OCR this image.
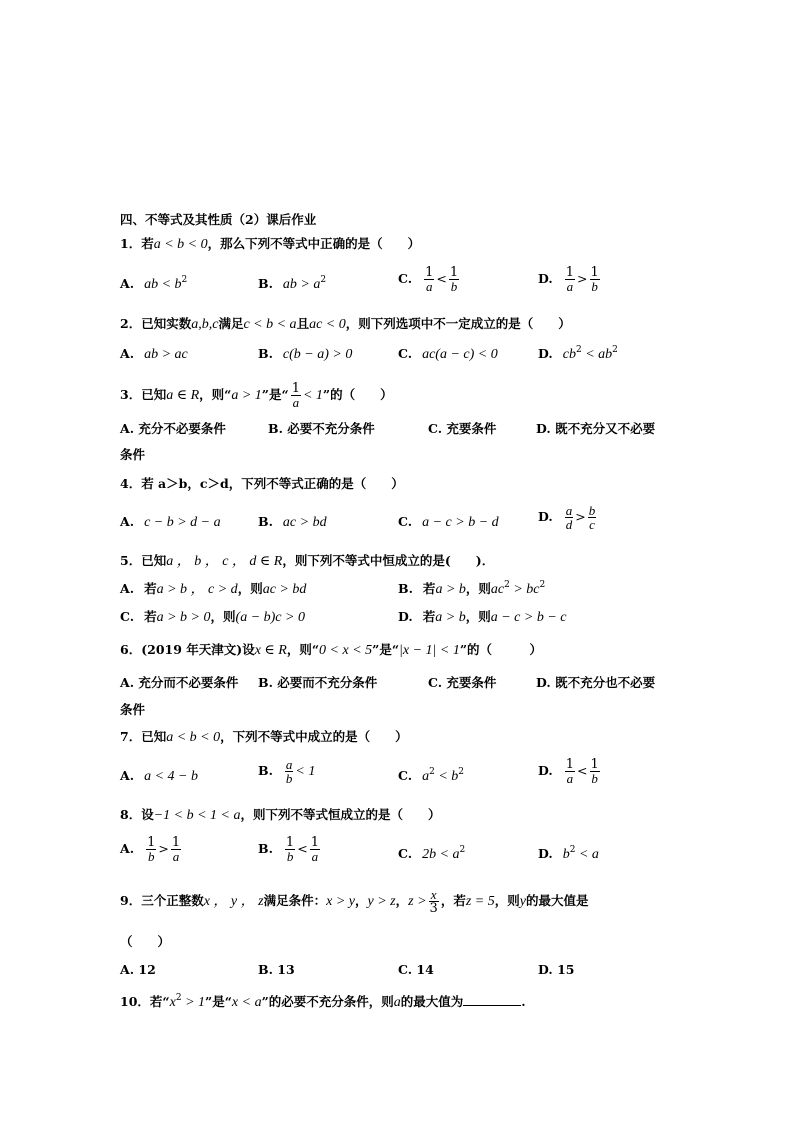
四、不等式及其性质（2）课后作业
1．若a < b < 0，那么下列不等式中正确的是（　　）
A. ab < $b^2$	B. ab > $a^2$	C. $\frac{1}{a} < \frac{1}{b}$	D. $\frac{1}{a} > \frac{1}{b}$
2．已知实数a,b,c满足c < b < a且ac < 0，则下列选项中不一定成立的是（　　）
A. ab > ac	B. c(b − a) > 0	C. ac(a − c) < 0	D. $cb^2 < ab^2$
3．已知a ∈ R，则“a > 1”是“ $\frac{1}{a} < 1$”的（　　）
A. 充分不必要条件	B. 必要不充分条件	C. 充要条件	D. 既不充分又不必要
条件
4．若 a＞b，c＞d，下列不等式正确的是（　　）
A. c − b > d − a	B. ac > bd	C. a − c > b − d	D. $\frac{a}{d} > \frac{b}{c}$
5．已知a ， b ， c ， d ∈ R，则下列不等式中恒成立的是(　　)．
A. 若a > b ， c > d，则ac > bd	B. 若a > b，则$ac^2 > bc^2$
C. 若a > b > 0，则(a − b)c > 0	D. 若a > b，则a − c > b − c
6．(2019 年天津文)设x ∈ R，则“0 < x < 5”是“|x − 1| < 1”的（　　　）
A. 充分而不必要条件 B. 必要而不充分条件	C. 充要条件	D. 既不充分也不必要
条件
7．已知a < b < 0，下列不等式中成立的是（　　）
A. a < 4 − b	B. $\frac{a}{b} < 1$	C. $a^2 < b^2$	D. $\frac{1}{a} < \frac{1}{b}$
8．设−1 < b < 1 < a，则下列不等式恒成立的是（　　）
A. $\frac{1}{b} > \frac{1}{a}$	B. $\frac{1}{b} < \frac{1}{a}$	C. $2b < a^2$	D. $b^2 < a$
9．三个正整数x ， y ， z满足条件：x > y，y > z，$z > \frac{x}{3}$ ，若z = 5，则y的最大值是
（　　）
A. 12	B. 13	C. 14	D. 15
10．若“$x^2 > 1$”是“x < a”的必要不充分条件，则a的最大值为	.
